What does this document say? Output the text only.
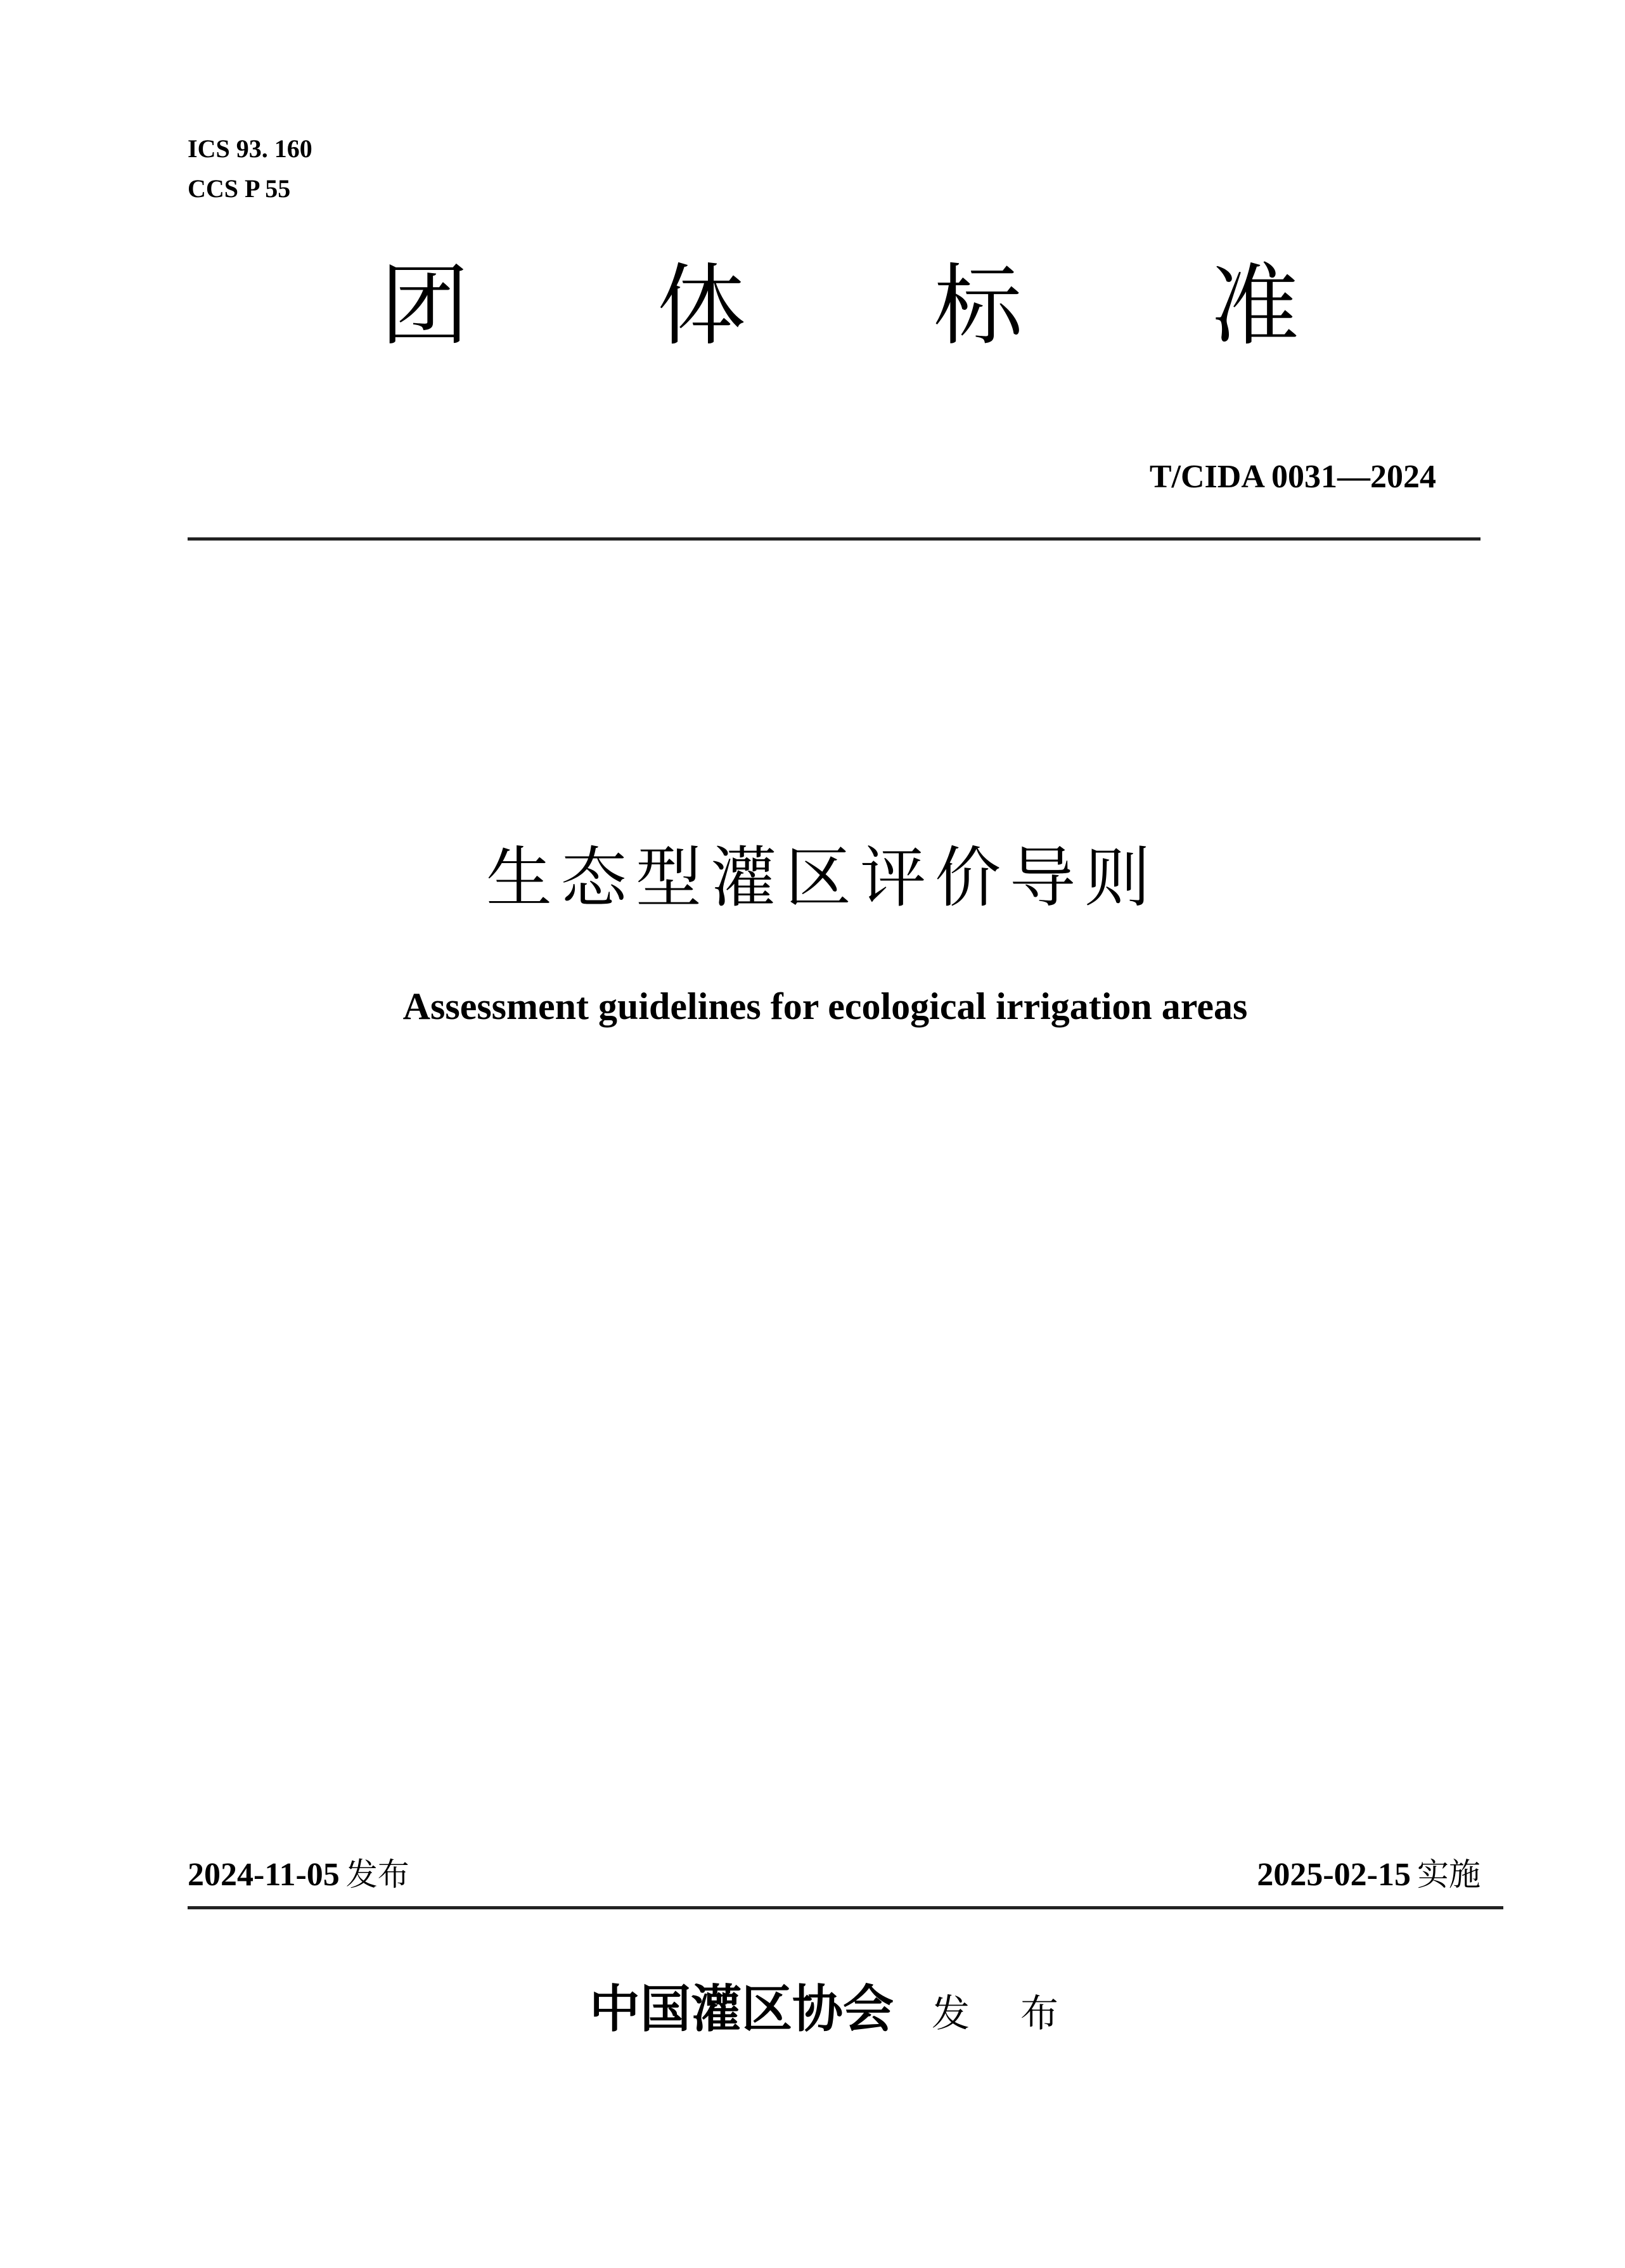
ICS 93. 160
CCS P 55
团 体 标 准
T/CIDA 0031—2024
生态型灌区评价导则
Assessment guidelines for ecological irrigation areas
2024-11-05 发布	2025-02-15 实施
中国灌区协会 发布
